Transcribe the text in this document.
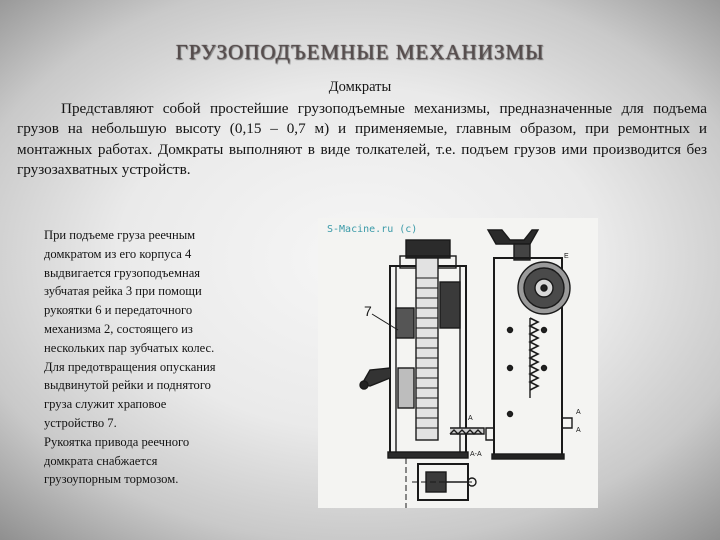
ГРУЗОПОДЪЕМНЫЕ МЕХАНИЗМЫ
Домкраты
Представляют собой простейшие грузоподъемные механизмы, предназначенные для подъема грузов на небольшую высоту (0,15 – 0,7 м) и применяемые, главным образом, при ремонтных и монтажных работах. Домкраты выполняют в виде толкателей, т.е. подъем грузов ими производится без грузозахватных устройств.
При подъеме груза реечным
домкратом из его корпуса 4
выдвигается грузоподъемная
зубчатая рейка 3 при помощи
рукоятки 6 и передаточного
механизма 2, состоящего из
нескольких пар зубчатых колес.
Для предотвращения опускания
выдвинутой рейки и поднятого
груза служит храповое
устройство 7.
Рукоятка привода реечного
домкрата снабжается
грузоупорным тормозом.
S-Macine.ru (c)
7
Е
A
A
A
А-А
